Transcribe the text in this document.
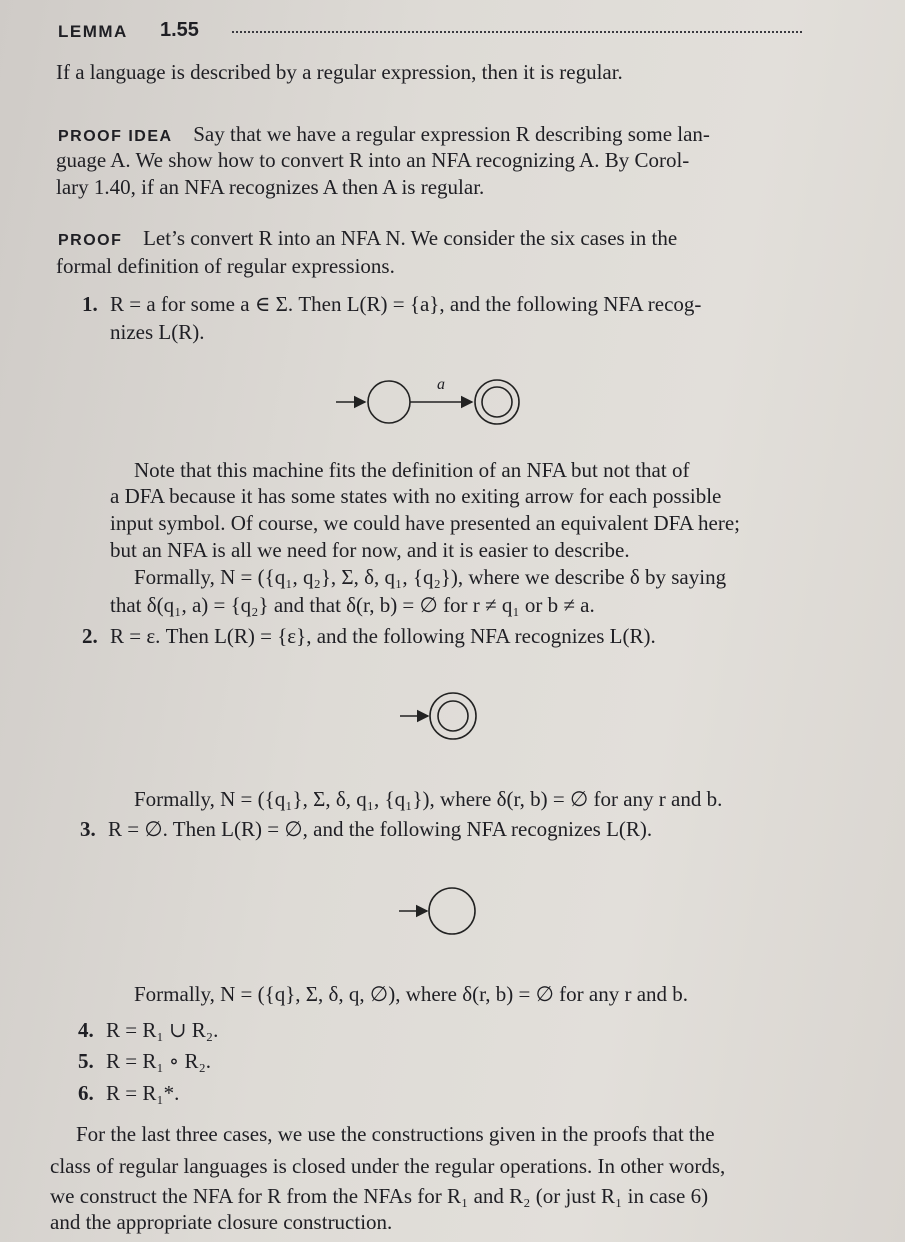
LEMMA 1.55
If a language is described by a regular expression, then it is regular.
PROOF IDEA Say that we have a regular expression R describing some lan-
guage A. We show how to convert R into an NFA recognizing A. By Corol-
lary 1.40, if an NFA recognizes A then A is regular.
PROOF Let’s convert R into an NFA N. We consider the six cases in the
formal definition of regular expressions.
1. R = a for some a ∈ Σ. Then L(R) = {a}, and the following NFA recog-
nizes L(R).
a
Note that this machine fits the definition of an NFA but not that of
a DFA because it has some states with no exiting arrow for each possible
input symbol. Of course, we could have presented an equivalent DFA here;
but an NFA is all we need for now, and it is easier to describe.
Formally, N = ({q₁, q₂}, Σ, δ, q₁, {q₂}), where we describe δ by saying
that δ(q₁, a) = {q₂} and that δ(r, b) = ∅ for r ≠ q₁ or b ≠ a.
2. R = ε. Then L(R) = {ε}, and the following NFA recognizes L(R).
Formally, N = ({q₁}, Σ, δ, q₁, {q₁}), where δ(r, b) = ∅ for any r and b.
3. R = ∅. Then L(R) = ∅, and the following NFA recognizes L(R).
Formally, N = ({q}, Σ, δ, q, ∅), where δ(r, b) = ∅ for any r and b.
4. R = R₁ ∪ R₂.
5. R = R₁ ∘ R₂.
6. R = R₁*.
For the last three cases, we use the constructions given in the proofs that the
class of regular languages is closed under the regular operations. In other words,
we construct the NFA for R from the NFAs for R₁ and R₂ (or just R₁ in case 6)
and the appropriate closure construction.
